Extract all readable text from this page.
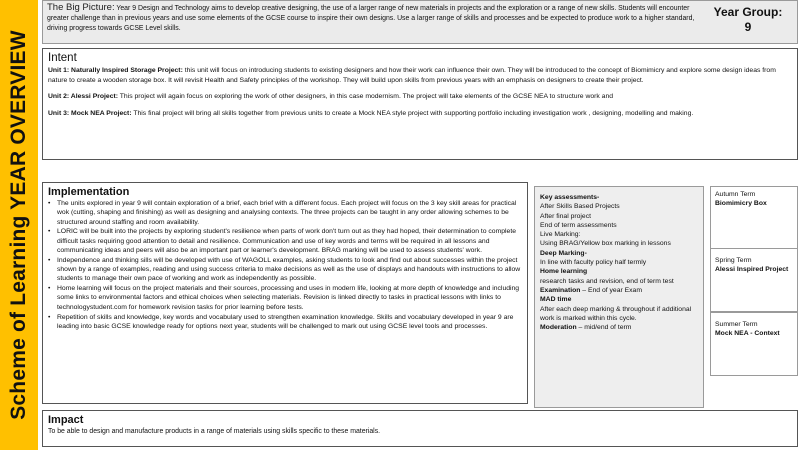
Scheme of Learning YEAR OVERVIEW
The Big Picture: Year 9 Design and Technology aims to develop creative designing, the use of a larger range of new materials in projects and the exploration or a range of new skills. Students will encounter greater challenge than in previous years and use some elements of the GCSE course to inspire their own designs. Use a larger range of skills and processes and be expected to produce work to a higher standard, driving progress towards GCSE Level skills.
Year Group:
9
Intent

Unit 1: Naturally Inspired Storage Project: this unit will focus on introducing students to existing designers and how their work can influence their own. They will be introduced to the concept of Biomimicry and explore some design ideas from nature to create a wooden storage box. It will revisit Health and Safety principles of the workshop. They will build upon skills from previous years with an emphasis on designers to create their project.

Unit 2: Alessi Project: This project will again focus on exploring the work of other designers, in this case modernism. The project will take elements of the GCSE NEA to structure work and

Unit 3: Mock NEA Project: This final project will bring all skills together from previous units to create a Mock NEA style project with supporting portfolio including investigation work , designing, modelling and making.

Implementation
• The units explored in year 9 will contain exploration of a brief, each brief with a different focus. Each project will focus on the 3 key skill areas for practical wok (cutting, shaping and finishing) as well as designing and analysing contexts. The three projects can be taught in any order allowing schemes to be structured around staffing and room availability.
• LORIC will be built into the projects by exploring student's resilience when parts of work don't turn out as they had hoped, their determination to complete difficult tasks requiring good attention to detail and resilience. Communication and use of key words and terms will be required in all lessons and communicating ideas and peers will also be an important part or learner's development. BRAG marking will be used to assess students' work.
• Independence and thinking sills will be developed with use of WAGOLL examples, asking students to look and find out about successes within the project shown by a range of examples, reading and using success criteria to make decisions as well as the use of displays and handouts with instructions to allow students to manage their own pace of working and work as independently as possible.
• Home learning will focus on the project materials and their sources, processing and uses in modern life, looking at more depth of knowledge and including some links to environmental factors and ethical choices when selecting materials. Revision is linked directly to tasks in practical lessons with links to technologystudent.com for homework revision tasks for prior learning before tests.
• Repetition of skills and knowledge, key words and vocabulary used to strengthen examination knowledge. Skills and vocabulary developed in year 9 are leading into basic GCSE knowledge ready for options next year, students will be challenged to mark out using GCSE level tools and processes.
Key assessments-
After Skills Based Projects
After final project
End of term assessments
Live Marking:
Using BRAG/Yellow box marking in lessons
Deep Marking-
In line with faculty policy half termly
Home learning
research tasks and revision, end of term test
Examination – End of year Exam
MAD time
After each deep marking & throughout if additional work is marked within this cycle.
Moderation – mid/end of term
Autumn Term
Biomimicry Box
Spring Term
Alessi Inspired Project
Summer Term
Mock NEA - Context
Impact
To be able to design and manufacture products in a range of materials using skills specific to these materials.
